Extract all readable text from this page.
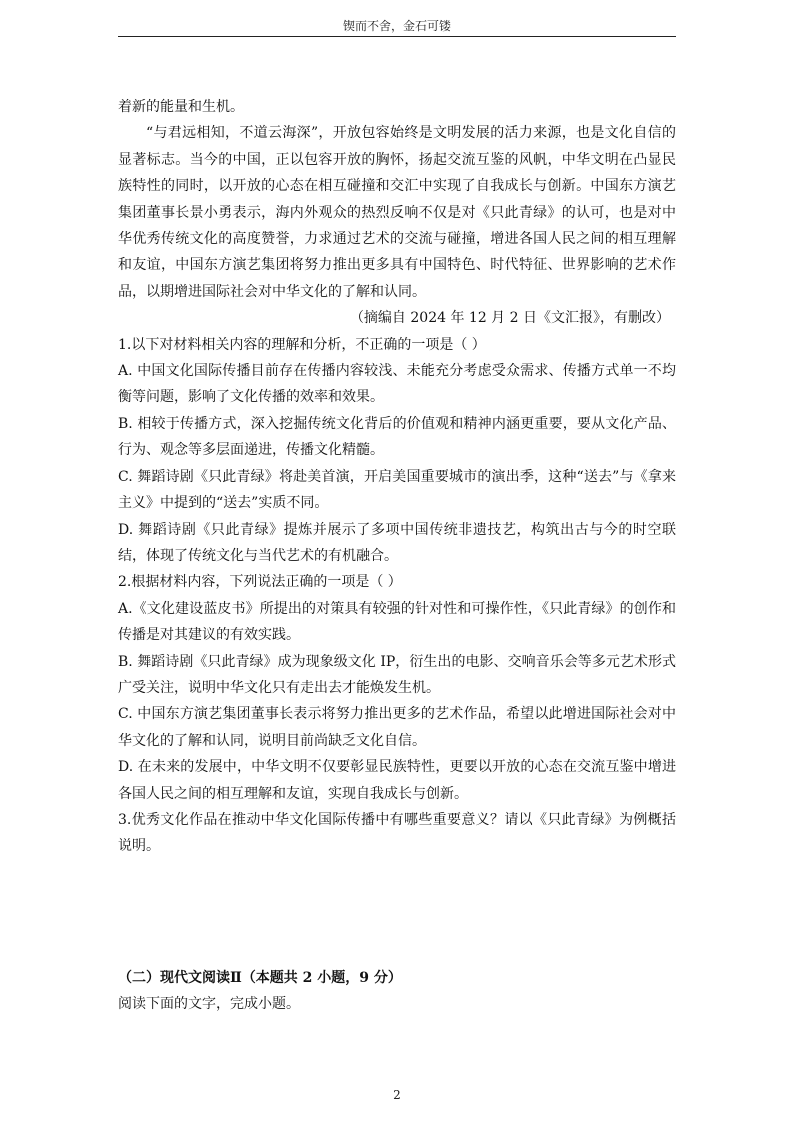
锲而不舍，金石可镂

着新的能量和生机。

“与君远相知，不道云海深”，开放包容始终是文明发展的活力来源，也是文化自信的显著标志。当今的中国，正以包容开放的胸怀，扬起交流互鉴的风帆，中华文明在凸显民族特性的同时，以开放的心态在相互碰撞和交汇中实现了自我成长与创新。中国东方演艺集团董事长景小勇表示，海内外观众的热烈反响不仅是对《只此青绿》的认可，也是对中华优秀传统文化的高度赞誉，力求通过艺术的交流与碰撞，增进各国人民之间的相互理解和友谊，中国东方演艺集团将努力推出更多具有中国特色、时代特征、世界影响的艺术作品，以期增进国际社会对中华文化的了解和认同。

（摘编自 2024 年 12 月 2 日《文汇报》，有删改）

1.以下对材料相关内容的理解和分析，不正确的一项是（ ）

A. 中国文化国际传播目前存在传播内容较浅、未能充分考虑受众需求、传播方式单一不均衡等问题，影响了文化传播的效率和效果。

B. 相较于传播方式，深入挖掘传统文化背后的价值观和精神内涵更重要，要从文化产品、行为、观念等多层面递进，传播文化精髓。

C. 舞蹈诗剧《只此青绿》将赴美首演，开启美国重要城市的演出季，这种“送去”与《拿来主义》中提到的“送去”实质不同。

D. 舞蹈诗剧《只此青绿》提炼并展示了多项中国传统非遗技艺，构筑出古与今的时空联结，体现了传统文化与当代艺术的有机融合。

2.根据材料内容，下列说法正确的一项是（ ）

A.《文化建设蓝皮书》所提出的对策具有较强的针对性和可操作性，《只此青绿》的创作和传播是对其建议的有效实践。

B. 舞蹈诗剧《只此青绿》成为现象级文化 IP，衍生出的电影、交响音乐会等多元艺术形式广受关注，说明中华文化只有走出去才能焕发生机。

C. 中国东方演艺集团董事长表示将努力推出更多的艺术作品，希望以此增进国际社会对中华文化的了解和认同，说明目前尚缺乏文化自信。

D. 在未来的发展中，中华文明不仅要彰显民族特性，更要以开放的心态在交流互鉴中增进各国人民之间的相互理解和友谊，实现自我成长与创新。

3.优秀文化作品在推动中华文化国际传播中有哪些重要意义？请以《只此青绿》为例概括说明。

（二）现代文阅读Ⅱ（本题共 2 小题，9 分）

阅读下面的文字，完成小题。

2
